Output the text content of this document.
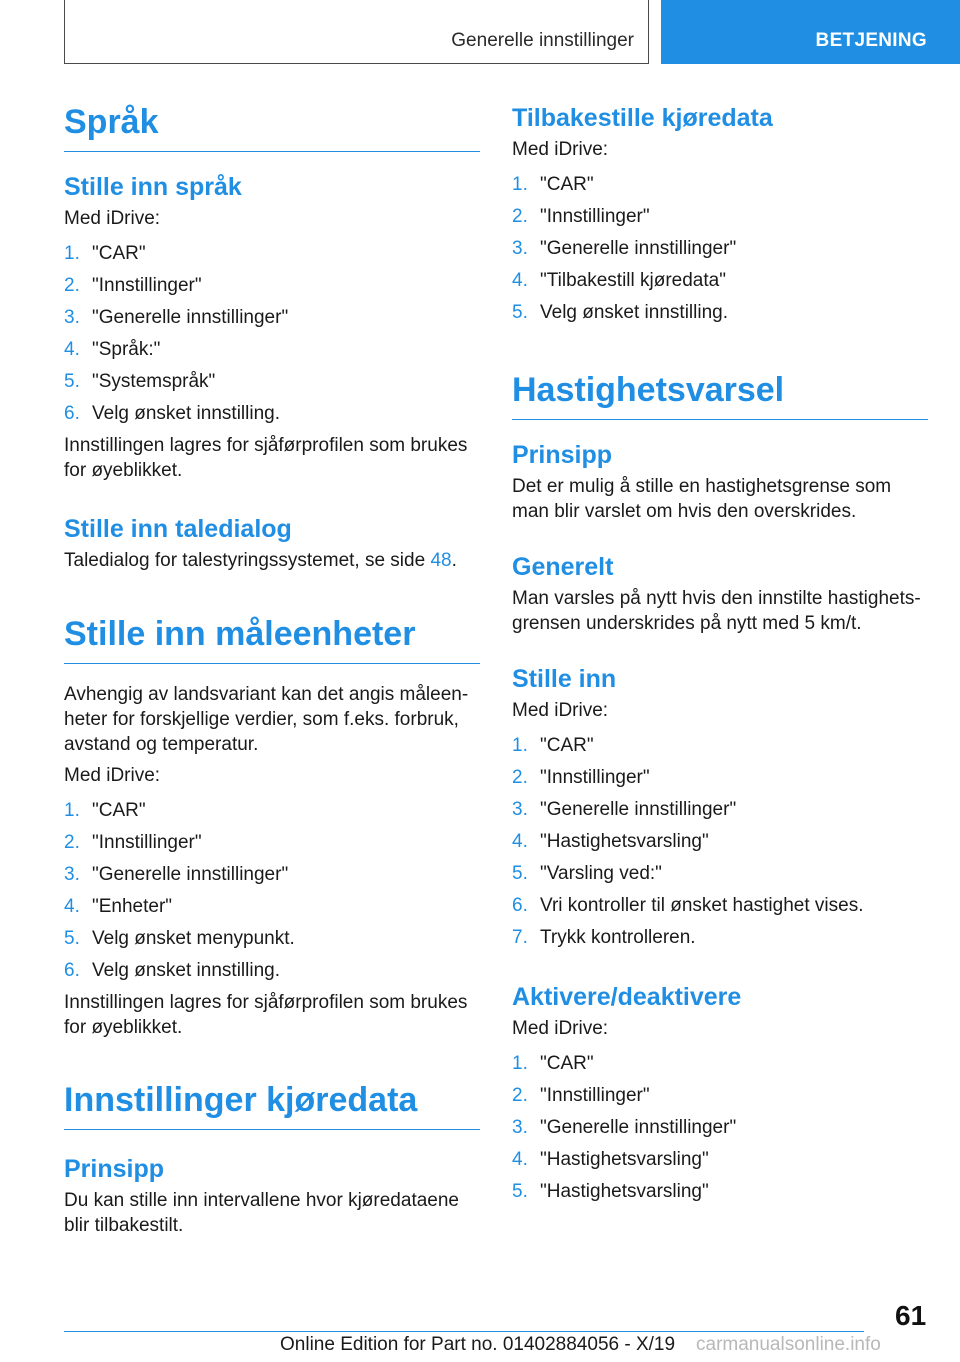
Generelle innstillinger	BETJENING
Språk
Stille inn språk

Med iDrive:

1. "CAR"
2. "Innstillinger"
3. "Generelle innstillinger"
4. "Språk:"
5. "Systemspråk"
6. Velg ønsket innstilling.

Innstillingen lagres for sjåførprofilen som brukes for øyeblikket.

Stille inn taledialog

Taledialog for talestyringssystemet, se side 48.

Stille inn måleenheter

Avhengig av landsvariant kan det angis måleenheter for forskjellige verdier, som f.eks. forbruk, avstand og temperatur.

Med iDrive:

1. "CAR"
2. "Innstillinger"
3. "Generelle innstillinger"
4. "Enheter"
5. Velg ønsket menypunkt.
6. Velg ønsket innstilling.

Innstillingen lagres for sjåførprofilen som brukes for øyeblikket.

Innstillinger kjøredata
Prinsipp

Du kan stille inn intervallene hvor kjøredataene blir tilbakestilt.

Tilbakestille kjøredata

Med iDrive:

1. "CAR"
2. "Innstillinger"
3. "Generelle innstillinger"
4. "Tilbakestill kjøredata"
5. Velg ønsket innstilling.
Hastighetsvarsel
Prinsipp

Det er mulig å stille en hastighetsgrense som man blir varslet om hvis den overskrides.

Generelt

Man varsles på nytt hvis den innstilte hastighetsgrensen underskrides på nytt med 5 km/t.

Stille inn

Med iDrive:

1. "CAR"
2. "Innstillinger"
3. "Generelle innstillinger"
4. "Hastighetsvarsling"
5. "Varsling ved:"
6. Vri kontroller til ønsket hastighet vises.
7. Trykk kontrolleren.
Aktivere/deaktivere

Med iDrive:

1. "CAR"
2. "Innstillinger"
3. "Generelle innstillinger"
4. "Hastighetsvarsling"
5. "Hastighetsvarsling"
61
Online Edition for Part no. 01402884056 - X/19 carmanualsonline.info
